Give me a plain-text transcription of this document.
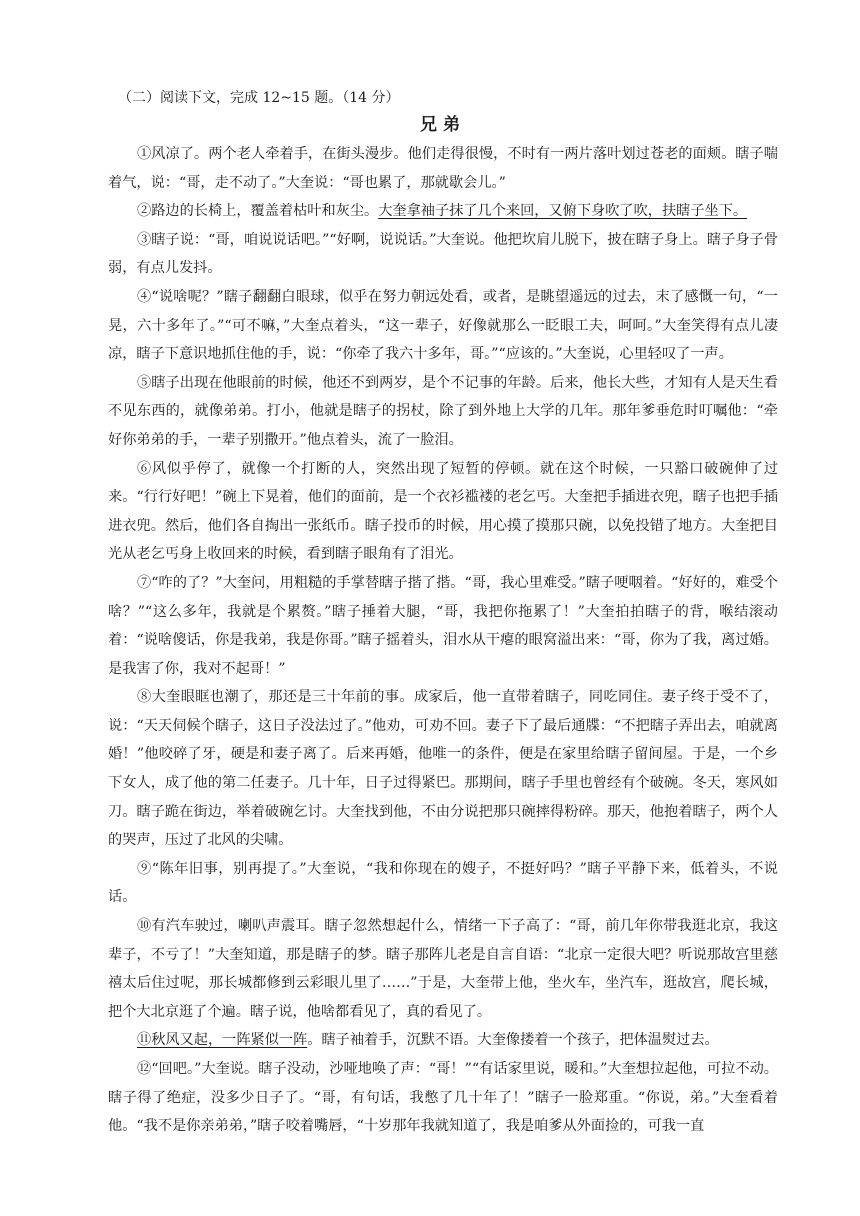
（二）阅读下文，完成 12~15 题。（14 分）
兄弟

①风凉了。两个老人牵着手，在街头漫步。他们走得很慢，不时有一两片落叶划过苍老的面颊。瞎子喘着气，说：“哥，走不动了。”大奎说：“哥也累了，那就歇会儿。”

②路边的长椅上，覆盖着枯叶和灰尘。大奎拿袖子抹了几个来回，又俯下身吹了吹，扶瞎子坐下。

③瞎子说：“哥，咱说说话吧。”“好啊，说说话。”大奎说。他把坎肩儿脱下，披在瞎子身上。瞎子身子骨弱，有点儿发抖。

④“说啥呢？”瞎子翻翻白眼球，似乎在努力朝远处看，或者，是眺望遥远的过去，末了感慨一句，“一晃，六十多年了。”“可不嘛，”大奎点着头，“这一辈子，好像就那么一眨眼工夫，呵呵。”大奎笑得有点儿凄凉，瞎子下意识地抓住他的手，说：“你牵了我六十多年，哥。”“应该的。”大奎说，心里轻叹了一声。

⑤瞎子出现在他眼前的时候，他还不到两岁，是个不记事的年龄。后来，他长大些，才知有人是天生看不见东西的，就像弟弟。打小，他就是瞎子的拐杖，除了到外地上大学的几年。那年爹垂危时叮嘱他：“牵好你弟弟的手，一辈子别撒开。”他点着头，流了一脸泪。

⑥风似乎停了，就像一个打断的人，突然出现了短暂的停顿。就在这个时候，一只豁口破碗伸了过来。“行行好吧！”碗上下晃着，他们的面前，是一个衣衫褴褛的老乞丐。大奎把手插进衣兜，瞎子也把手插进衣兜。然后，他们各自掏出一张纸币。瞎子投币的时候，用心摸了摸那只碗，以免投错了地方。大奎把目光从老乞丐身上收回来的时候，看到瞎子眼角有了泪光。

⑦“咋的了？”大奎问，用粗糙的手掌替瞎子揩了揩。“哥，我心里难受。”瞎子哽咽着。“好好的，难受个啥？”“这么多年，我就是个累赘。”瞎子捶着大腿，“哥，我把你拖累了！”大奎拍拍瞎子的背，喉结滚动着：“说啥傻话，你是我弟，我是你哥。”瞎子摇着头，泪水从干瘪的眼窝溢出来：“哥，你为了我，离过婚。是我害了你，我对不起哥！”

⑧大奎眼眶也潮了，那还是三十年前的事。成家后，他一直带着瞎子，同吃同住。妻子终于受不了，说：“天天伺候个瞎子，这日子没法过了。”他劝，可劝不回。妻子下了最后通牒：“不把瞎子弄出去，咱就离婚！”他咬碎了牙，硬是和妻子离了。后来再婚，他唯一的条件，便是在家里给瞎子留间屋。于是，一个乡下女人，成了他的第二任妻子。几十年，日子过得紧巴。那期间，瞎子手里也曾经有个破碗。冬天，寒风如刀。瞎子跪在街边，举着破碗乞讨。大奎找到他，不由分说把那只碗摔得粉碎。那天，他抱着瞎子，两个人的哭声，压过了北风的尖啸。

⑨“陈年旧事，别再提了。”大奎说，“我和你现在的嫂子，不挺好吗？”瞎子平静下来，低着头，不说话。

⑩有汽车驶过，喇叭声震耳。瞎子忽然想起什么，情绪一下子高了：“哥，前几年你带我逛北京，我这辈子，不亏了！”大奎知道，那是瞎子的梦。瞎子那阵儿老是自言自语：“北京一定很大吧？听说那故宫里慈禧太后住过呢，那长城都修到云彩眼儿里了……”于是，大奎带上他，坐火车，坐汽车，逛故宫，爬长城，把个大北京逛了个遍。瞎子说，他啥都看见了，真的看见了。

⑪秋风又起，一阵紧似一阵。瞎子袖着手，沉默不语。大奎像搂着一个孩子，把体温熨过去。

⑫“回吧。”大奎说。瞎子没动，沙哑地唤了声：“哥！”“有话家里说，暖和。”大奎想拉起他，可拉不动。瞎子得了绝症，没多少日子了。“哥，有句话，我憋了几十年了！”瞎子一脸郑重。“你说，弟。”大奎看着他。“我不是你亲弟弟，”瞎子咬着嘴唇，“十岁那年我就知道了，我是咱爹从外面捡的，可我一直
